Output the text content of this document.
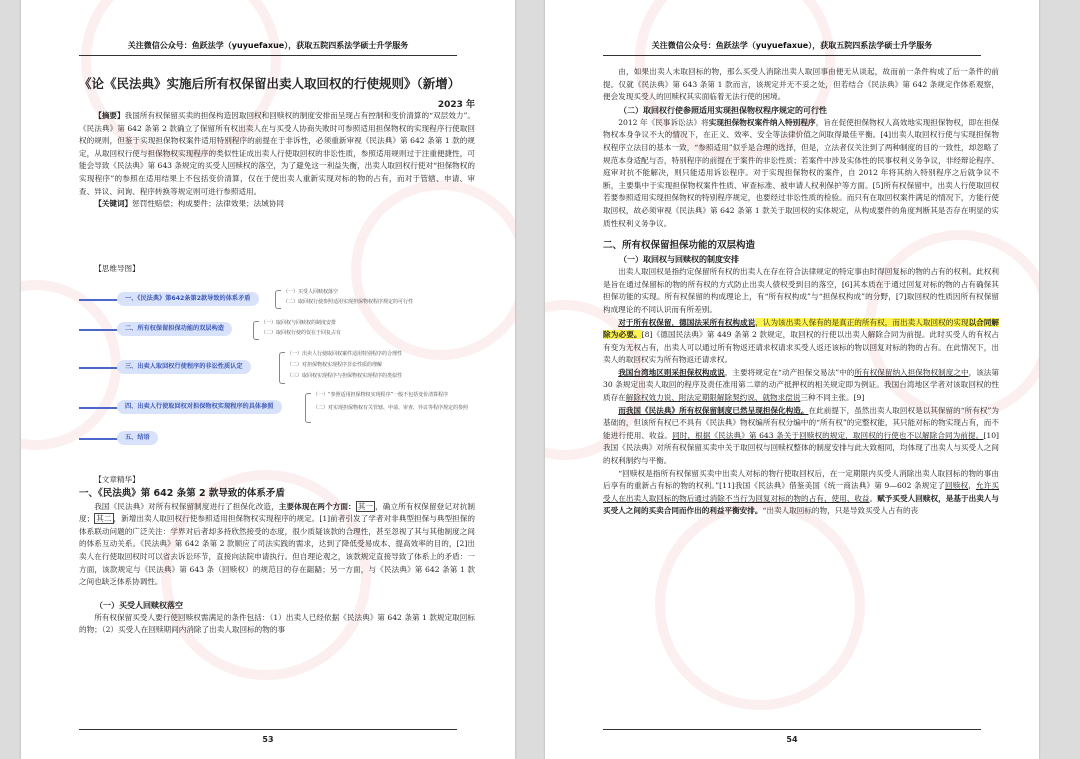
关注微信公众号：鱼跃法学（yuyuefaxue），获取五院四系法学硕士升学服务
《论《民法典》实施后所有权保留出卖人取回权的行使规则》（新增）
2023 年

【摘要】我国所有权保留买卖的担保构造因取回权和回赎权的制度安排而呈现占有控制和变价清算的“双层效力”。《民法典》第 642 条第 2 款确立了保留所有权出卖人在与买受人协商失败时可参照适用担保物权的实现程序行使取回权的规则，但鉴于实现担保物权案件适用特别程序的前提在于非诉性，必须重新审视《民法典》第 642 条第 1 款的规定，从取回权行使与担保物权实现程序的类似性证成出卖人行使取回权的非讼性质，参照适用规则过于注重便捷性，可能会导致《民法典》第 643 条规定的买受人回赎权的落空，为了避免这一利益失衡，出卖人取回权行使对“担保物权的实现程序”的参照在适用结果上不包括变价清算，仅在于使出卖人重新实现对标的物的占有，而对于管辖、申请、审查、异议、问询、程序转换等规定则可进行参照适用。

【关键词】惩罚性赔偿；构成要件；法律效果；法域协同

【思维导图】

一、《民法典》第642条第2款导致的体系矛盾
（一）买受人回赎权落空
（二）取回权行使参照适用实现担保物权程序规定的可行性
二、所有权保留担保功能的双层构造
（一）取回权与回赎权的制度安排
（二）取回权行使的仅在于回复占有
三、出卖人取回权行使程序的非讼性质认定
（一）出卖人行使取回权案件适用特别程序的合理性
（二）对担保物权实现程序非讼性质的理解
（三）取回权实现程序与担保物权实现程序的类似性
四、出卖人行使取回权对担保物权实现程序的具体参照
（一）“参照适用担保物权实现程序”一般不包括变价清算程序
（二）对实现担保物权有关管辖、申请、审查、异议等程序规定的参照
五、结语

【文章精华】

一、《民法典》第 642 条第 2 款导致的体系矛盾

我国《民法典》对所有权保留制度进行了担保化改造，主要体现在两个方面： 其一 ，确立所有权保留登记对抗制度； 其二 ，新增出卖人取回权行使参照适用担保物权实现程序的规定。[1]前者引发了学者对非典型担保与典型担保的体系联动问题的广泛关注：学界对后者却多持欣然接受的态度，很少质疑该款的合理性，甚至忽视了其与其他制度之间的体系互动关系。《民法典》第 642 条第 2 款顺应了司法实践的需求，达到了降低受易成本、提高效率的目的，[2]出卖人在行使取回权时可以省去诉讼环节，直接向法院申请执行。但自理论观之，该款规定直接导致了体系上的矛盾：一方面，该款规定与《民法典》第 643 条（回赎权）的规范目的存在龃龉；另一方面，与《民法典》第 642 条第 1 款之间也缺乏体系协调性。

（一）买受人回赎权落空

所有权保留买受人要行使回赎权需满足的条件包括：（1）出卖人已经依据《民法典》第 642 条第 1 款规定取回标的物；（2）买受人在回赎期间内消除了出卖人取回标的物的事

53
关注微信公众号：鱼跃法学（yuyuefaxue），获取五院四系法学硕士升学服务

由，如果出卖人未取回标的物，那么买受人消除出卖人取回事由便无从谈起，故而前一条件构成了后一条件的前提。仅就《民法典》第 643 条第 1 款而言，该规定并无不妥之处，但若结合《民法典》第 642 条规定作体系观察，便会发现买受人的回赎权其实面临着无法行使的困境。

（二）取回权行使参照适用实现担保物权程序规定的可行性

2012 年《民事诉讼法》将实现担保物权案件纳入特别程序，旨在促使担保物权人高效地实现担保物权，即在担保物权本身争议不大的情况下，在正义、效率、安全等法律价值之间取得最佳平衡。[4]出卖人取回权行使与实现担保物权程序立法目的基本一致，“参照适用”似乎是合理的选择，但是，立法者仅关注到了两种制度的目的一致性，却忽略了规范本身适配与否，特别程序的前提在于案件的非讼性质；若案件中涉及实体性的民事权利义务争议，非经辩论程序、庭审对抗不能解决，则只能适用诉讼程序。对于实现担保物权的案件，自 2012 年将其纳入特别程序之后就争议不断，主要集中于实现担保物权案件性质、审查标准、被申请人权利保护等方面。[5]所有权保留中，出卖人行使取回权若要参照适用实现担保物权的特别程序规定，也要经过非讼性质的检验。而只有在取回权案件满足的情况下，方能行使取回权，故必须审视《民法典》第 642 条第 1 款关于取回权的实体规定，从构成要件的角度判断其是否存在明显的实质性权利义务争议。

二、所有权保留担保功能的双层构造

（一）取回权与回赎权的制度安排

出卖人取回权是指约定保留所有权的出卖人在存在符合法律规定的特定事由时得回复标的物的占有的权利。此权利是旨在通过保留标的物的所有权的方式防止出卖人债权受到目的落空，[6]其本质在于通过回复对标的物的占有确保其担保功能的实现。所有权保留的构成理论上，有“所有权构成”与“担保权构成”的分野，[7]取回权的性质因所有权保留构成理论的不同认识而有所差别。

对于所有权保留，德国法采所有权构成说，认为该出卖人保有的是真正的所有权，而出卖人取回权的实现以合同解除为必要。[8]《德国民法典》第 449 条第 2 款规定，取回权的行使以出卖人解除合同为前提。此时买受人的有权占有变为无权占有，出卖人可以通过所有物返还请求权请求买受人返还该标的物以回复对标的物的占有。在此情况下，出卖人的取回权实为所有物返还请求权。

我国台湾地区则采担保权构成说，主要将规定在“动产担保交易法”中的所有权保留纳入担保物权制度之中，该法第 30 条规定出卖人取回的程序及责任准用第二章的动产抵押权的相关规定即为例证。我国台湾地区学者对该取回权的性质存在解除权效力说、附法定期限解除契约说、就物求偿说三种不同主张。[9]

而我国《民法典》所有权保留制度已然呈现担保化构造。在此前提下，虽然出卖人取回权是以其保留的“所有权”为基础的，但该所有权已不具有《民法典》物权编所有权分编中的“所有权”的完整权能，其只能对标的物实现占有，而不能进行使用、收益。同时，根据《民法典》第 643 条关于回赎权的规定，取回权的行使也不以解除合同为前提。[10]我国《民法典》对所有权保留买卖中关于取回权与回赎权整体的制度安排与此大致相同，均体现了出卖人与买受人之间的权利制约与平衡。

“回赎权是指所有权保留买卖中出卖人对标的物行使取回权后，在一定期限内买受人消除出卖人取回标的物的事由后享有的重新占有标的物的权利。”[11]我国《民法典》借鉴美国《统一商法典》第 9—602 条规定了回赎权，允许买受人在出卖人取回标的物后通过消除不当行为回复对标的物的占有、使用、收益。赋予买受人回赎权，是基于出卖人与买受人之间的买卖合同而作出的利益平衡安排。“出卖人取回标的物，只是导致买受人占有的丧

54
